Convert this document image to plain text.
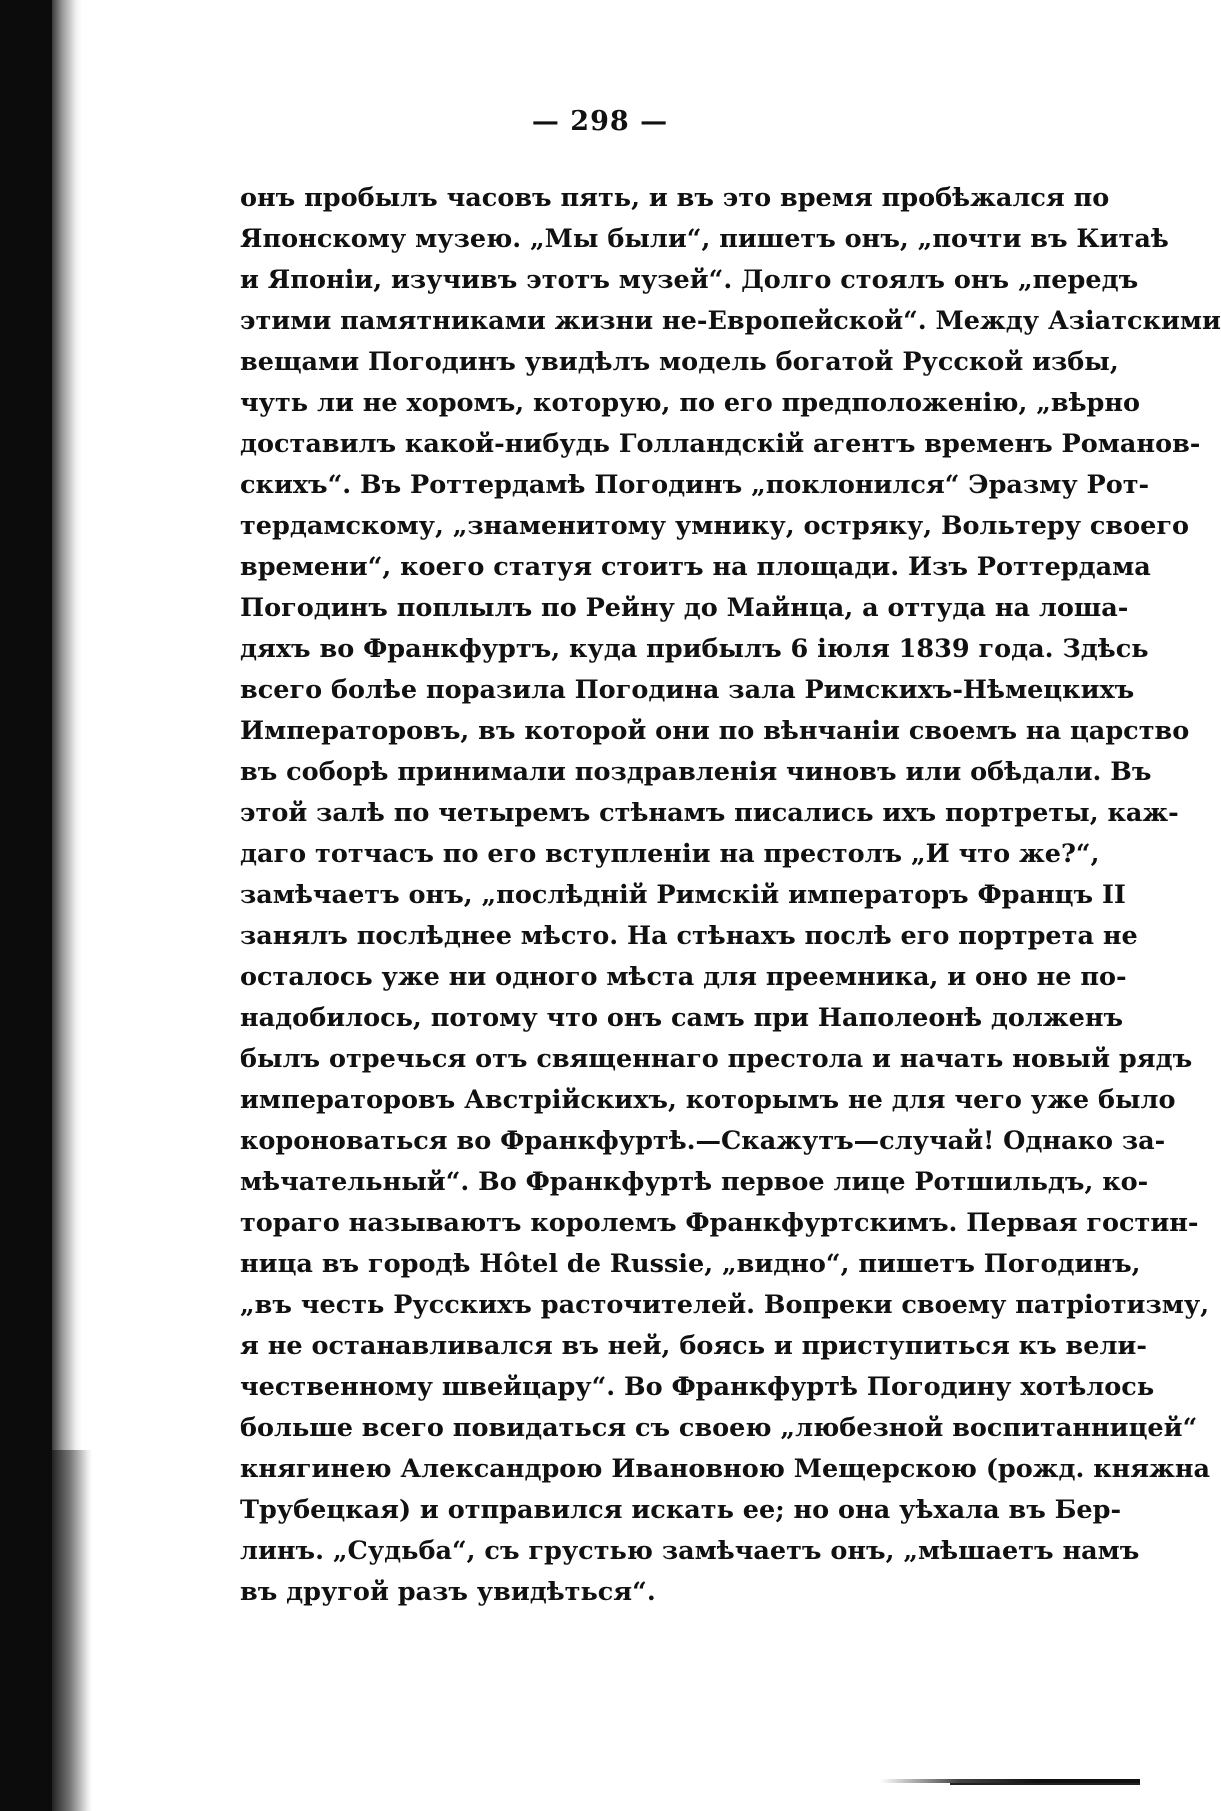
— 298 —
онъ пробылъ часовъ пять, и въ это время пробѣжался по
Японскому музею. „Мы были“, пишетъ онъ, „почти въ Китаѣ
и Японіи, изучивъ этотъ музей“. Долго стоялъ онъ „передъ
этими памятниками жизни не-Европейской“. Между Азіатскими
вещами Погодинъ увидѣлъ модель богатой Русской избы,
чуть ли не хоромъ, которую, по его предположенію, „вѣрно
доставилъ какой-нибудь Голландскій агентъ временъ Романов-
скихъ“. Въ Роттердамѣ Погодинъ „поклонился“ Эразму Рот-
тердамскому, „знаменитому умнику, остряку, Вольтеру своего
времени“, коего статуя стоитъ на площади. Изъ Роттердама
Погодинъ поплылъ по Рейну до Майнца, а оттуда на лоша-
дяхъ во Франкфуртъ, куда прибылъ 6 іюля 1839 года. Здѣсь
всего болѣе поразила Погодина зала Римскихъ-Нѣмецкихъ
Императоровъ, въ которой они по вѣнчаніи своемъ на царство
въ соборѣ принимали поздравленія чиновъ или обѣдали. Въ
этой залѣ по четыремъ стѣнамъ писались ихъ портреты, каж-
даго тотчасъ по его вступленіи на престолъ „И что же?“,
замѣчаетъ онъ, „послѣдній Римскій императоръ Францъ II
занялъ послѣднее мѣсто. На стѣнахъ послѣ его портрета не
осталось уже ни одного мѣста для преемника, и оно не по-
надобилось, потому что онъ самъ при Наполеонѣ долженъ
былъ отречься отъ священнаго престола и начать новый рядъ
императоровъ Австрійскихъ, которымъ не для чего уже было
короноваться во Франкфуртѣ.—Скажутъ—случай! Однако за-
мѣчательный“. Во Франкфуртѣ первое лице Ротшильдъ, ко-
тораго называютъ королемъ Франкфуртскимъ. Первая гостин-
ница въ городѣ Hôtel de Russie, „видно“, пишетъ Погодинъ,
„въ честь Русскихъ расточителей. Вопреки своему патріотизму,
я не останавливался въ ней, боясь и приступиться къ вели-
чественному швейцару“. Во Франкфуртѣ Погодину хотѣлось
больше всего повидаться съ своею „любезной воспитанницей“
княгинею Александрою Ивановною Мещерскою (рожд. княжна
Трубецкая) и отправился искать ее; но она уѣхала въ Бер-
линъ. „Судьба“, съ грустью замѣчаетъ онъ, „мѣшаетъ намъ
въ другой разъ увидѣться“.
